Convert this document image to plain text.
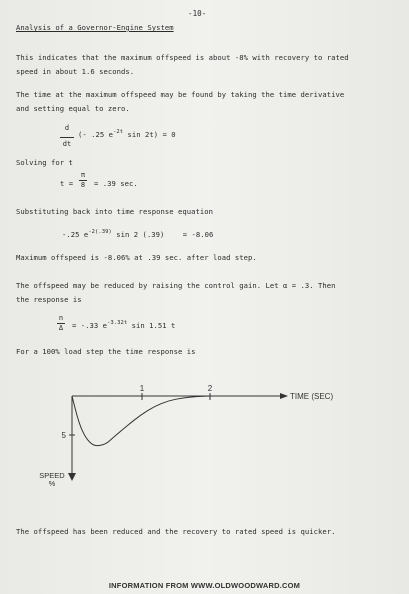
-10-
Analysis of a Governor-Engine System
This indicates that the maximum offspeed is about -8% with recovery to rated
speed in about 1.6 seconds.
The time at the maximum offspeed may be found by taking the time derivative
and setting equal to zero.
d
dt
(- .25 $e^{-2t}$ sin 2t) = 0
Solving for t
t =
π
8 = .39 sec.
Substituting back into time response equation
-.25 $e^{-2(.39)}$ sin 2 (.39)	= -8.06
Maximum offspeed is -8.06% at .39 sec. after load step.
The offspeed may be reduced by raising the control gain. Let α = .3. Then
the response is
n
Δ = -.33 $e^{-3.32t}$ sin 1.51 t
For a 100% load step the time response is
1	2
TIME (SEC)
5
SPEED
%
The offspeed has been reduced and the recovery to rated speed is quicker.
INFORMATION FROM WWW.OLDWOODWARD.COM
